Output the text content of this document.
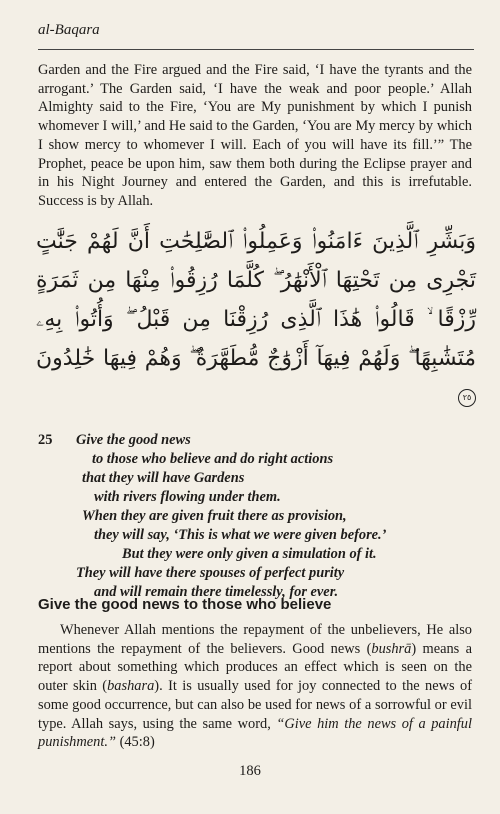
al-Baqara

Garden and the Fire argued and the Fire said, ‘I have the tyrants and the arrogant.’ The Garden said, ‘I have the weak and poor people.’ Allah Almighty said to the Fire, ‘You are My punishment by which I punish whomever I will,’ and He said to the Garden, ‘You are My mercy by which I show mercy to whomever I will. Each of you will have its fill.’” The Prophet, peace be upon him, saw them both during the Eclipse prayer and in his Night Journey and entered the Garden, and this is irrefutable. Success is by Allah.

وَبَشِّرِ ٱلَّذِينَ ءَامَنُوا۟ وَعَمِلُوا۟ ٱلصَّٰلِحَٰتِ أَنَّ لَهُمْ جَنَّٰتٍ تَجْرِى مِن تَحْتِهَا ٱلْأَنْهَٰرُ ۖ كُلَّمَا رُزِقُوا۟ مِنْهَا مِن ثَمَرَةٍ رِّزْقًا ۙ قَالُوا۟ هَٰذَا ٱلَّذِى رُزِقْنَا مِن قَبْلُ ۖ وَأُتُوا۟ بِهِۦ مُتَشَٰبِهًا ۖ وَلَهُمْ فِيهَآ أَزْوَٰجٌ مُّطَهَّرَةٌ ۖ وَهُمْ فِيهَا خَٰلِدُونَ ٢٥
25 Give the good news
to those who believe and do right actions
that they will have Gardens
with rivers flowing under them.
When they are given fruit there as provision,
they will say, ‘This is what we were given before.’
But they were only given a simulation of it.
They will have there spouses of perfect purity
and will remain there timelessly, for ever.
Give the good news to those who believe

Whenever Allah mentions the repayment of the unbelievers, He also mentions the repayment of the believers. Good news (bushrā) means a report about something which produces an effect which is seen on the outer skin (bashara). It is usually used for joy connected to the news of some good occurrence, but can also be used for news of a sorrowful or evil type. Allah says, using the same word, “Give him the news of a painful punishment.” (45:8)

186
